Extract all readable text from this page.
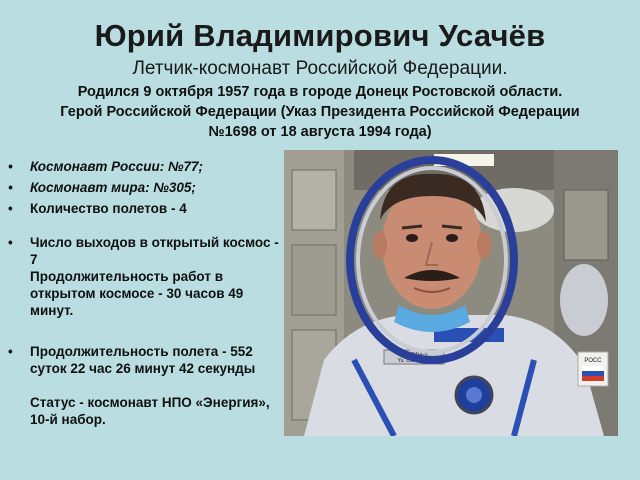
Юрий Владимирович Усачёв
Летчик-космонавт Российской Федерации.
Родился 9 октября 1957 года в городе Донецк Ростовской области.
Герой Российской Федерации (Указ Президента Российской Федерации
№1698 от 18 августа 1994 года)
• Космонавт России: №77;
• Космонавт мира: №305;
• Количество полетов - 4
• Число выходов в открытый космос - 7
Продолжительность работ в открытом космосе - 30 часов 49 минут.
• Продолжительность полета - 552 суток 22 час 26 минут 42 секунды
Статус - космонавт НПО «Энергия», 10-й набор.
Ю. УСАЧЕВ
Yu. USACHEV	РОСС
